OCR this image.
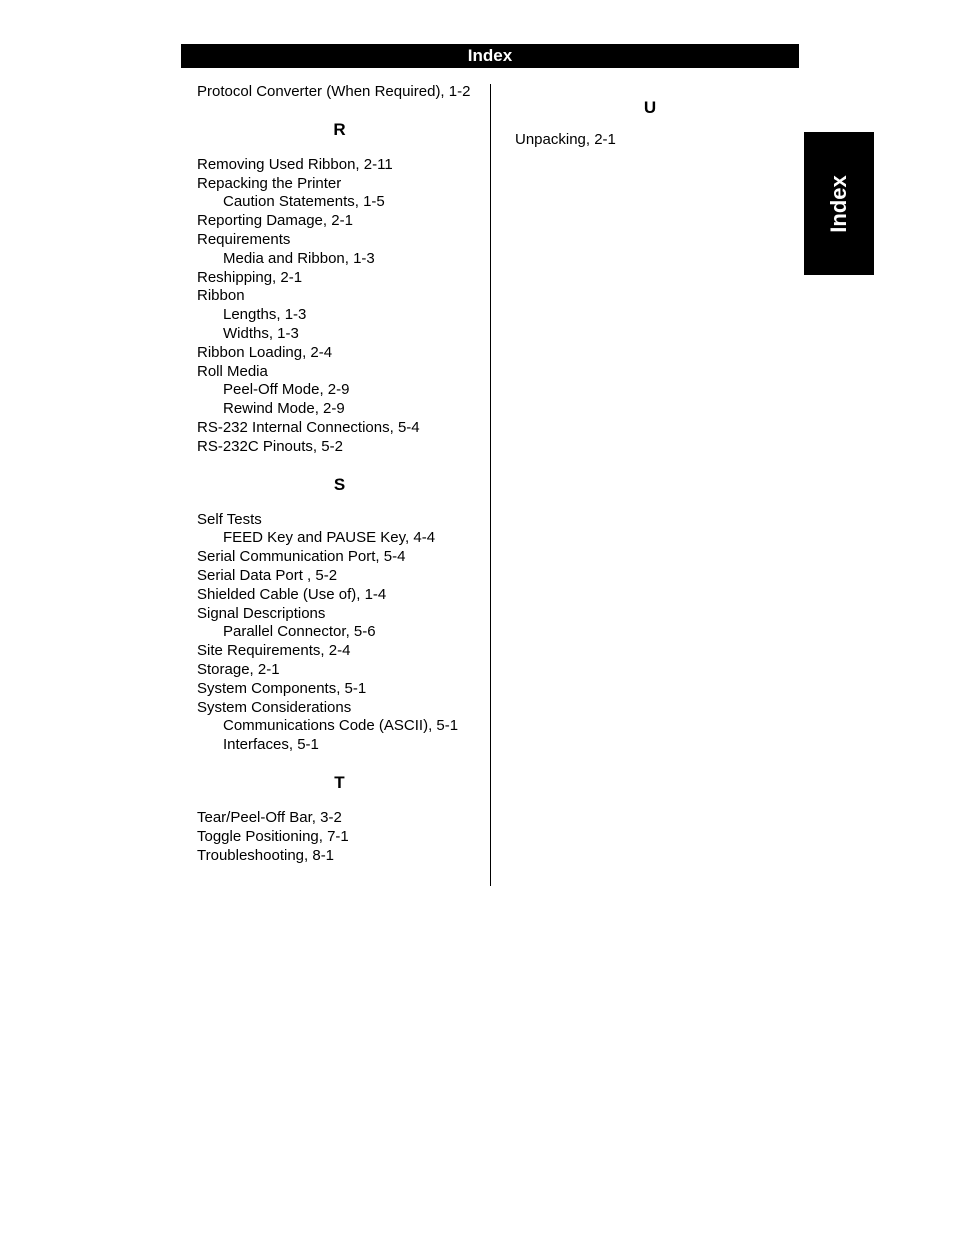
Index

Protocol Converter (When Required), 1-2

R

Removing Used Ribbon, 2-11

Repacking the Printer

Caution Statements, 1-5

Reporting Damage, 2-1

Requirements

Media and Ribbon, 1-3

Reshipping, 2-1

Ribbon

Lengths, 1-3

Widths, 1-3

Ribbon Loading, 2-4

Roll Media

Peel-Off Mode, 2-9

Rewind Mode, 2-9

RS-232 Internal Connections, 5-4

RS-232C Pinouts, 5-2

S

Self Tests

FEED Key and PAUSE Key, 4-4

Serial Communication Port, 5-4

Serial Data Port , 5-2

Shielded Cable (Use of), 1-4

Signal Descriptions

Parallel Connector, 5-6

Site Requirements, 2-4

Storage, 2-1

System Components, 5-1

System Considerations

Communications Code (ASCII), 5-1

Interfaces, 5-1

T

Tear/Peel-Off Bar, 3-2

Toggle Positioning, 7-1

Troubleshooting, 8-1

U

Unpacking, 2-1

Index
